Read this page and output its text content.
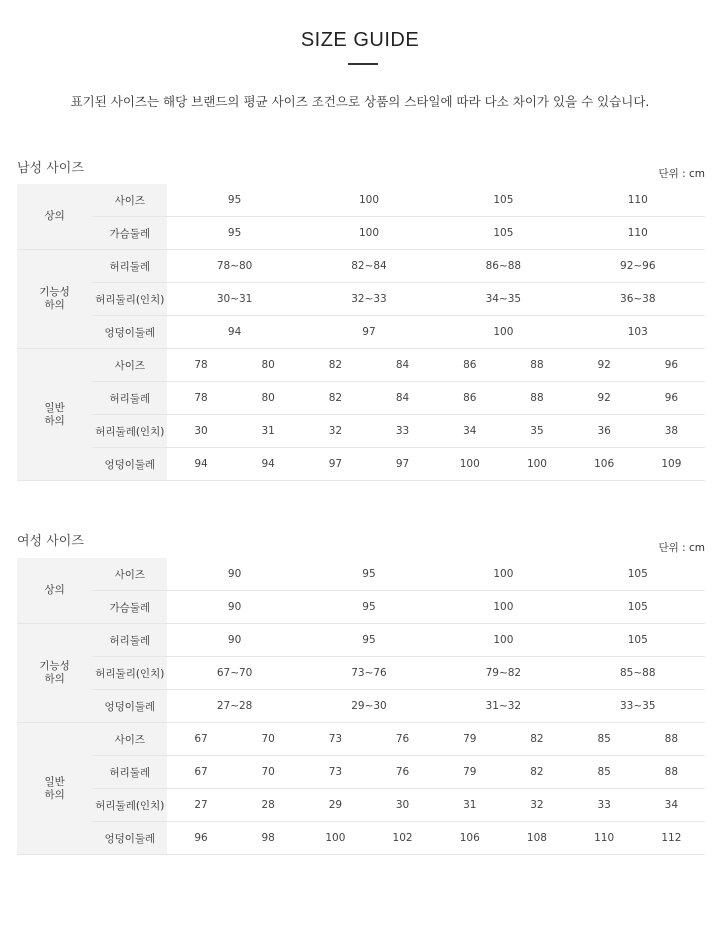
SIZE GUIDE
표기된 사이즈는 해당 브랜드의 평균 사이즈 조건으로 상품의 스타일에 따라 다소 차이가 있을 수 있습니다.
남성 사이즈	단위 : cm
상의	사이즈	95		100		105		110	
	가슴둘레	95		100		105		110	

기능성
하의	허리둘레	78~80		82~84		86~88		92~96	
	허리둘리(인치)	30~31		32~33		34~35		36~38	
	엉덩이둘레	94		97		100		103	

일반
하의	사이즈	78	80	82	84	86	88	92	96
	허리둘레	78	80	82	84	86	88	92	96
	허리둘레(인치)	30	31	32	33	34	35	36	38
	엉덩이둘레	94	94	97	97	100	100	106	109
여성 사이즈	단위 : cm
상의	사이즈	90		95		100		105	
	가슴둘레	90		95		100		105	

기능성
하의	허리둘레	90		95		100		105	
	허리둘리(인치)	67~70		73~76		79~82		85~88	
	엉덩이둘레	27~28		29~30		31~32		33~35	

일반
하의	사이즈	67	70	73	76	79	82	85	88
	허리둘레	67	70	73	76	79	82	85	88
	허리둘레(인치)	27	28	29	30	31	32	33	34
	엉덩이둘레	96	98	100	102	106	108	110	112
